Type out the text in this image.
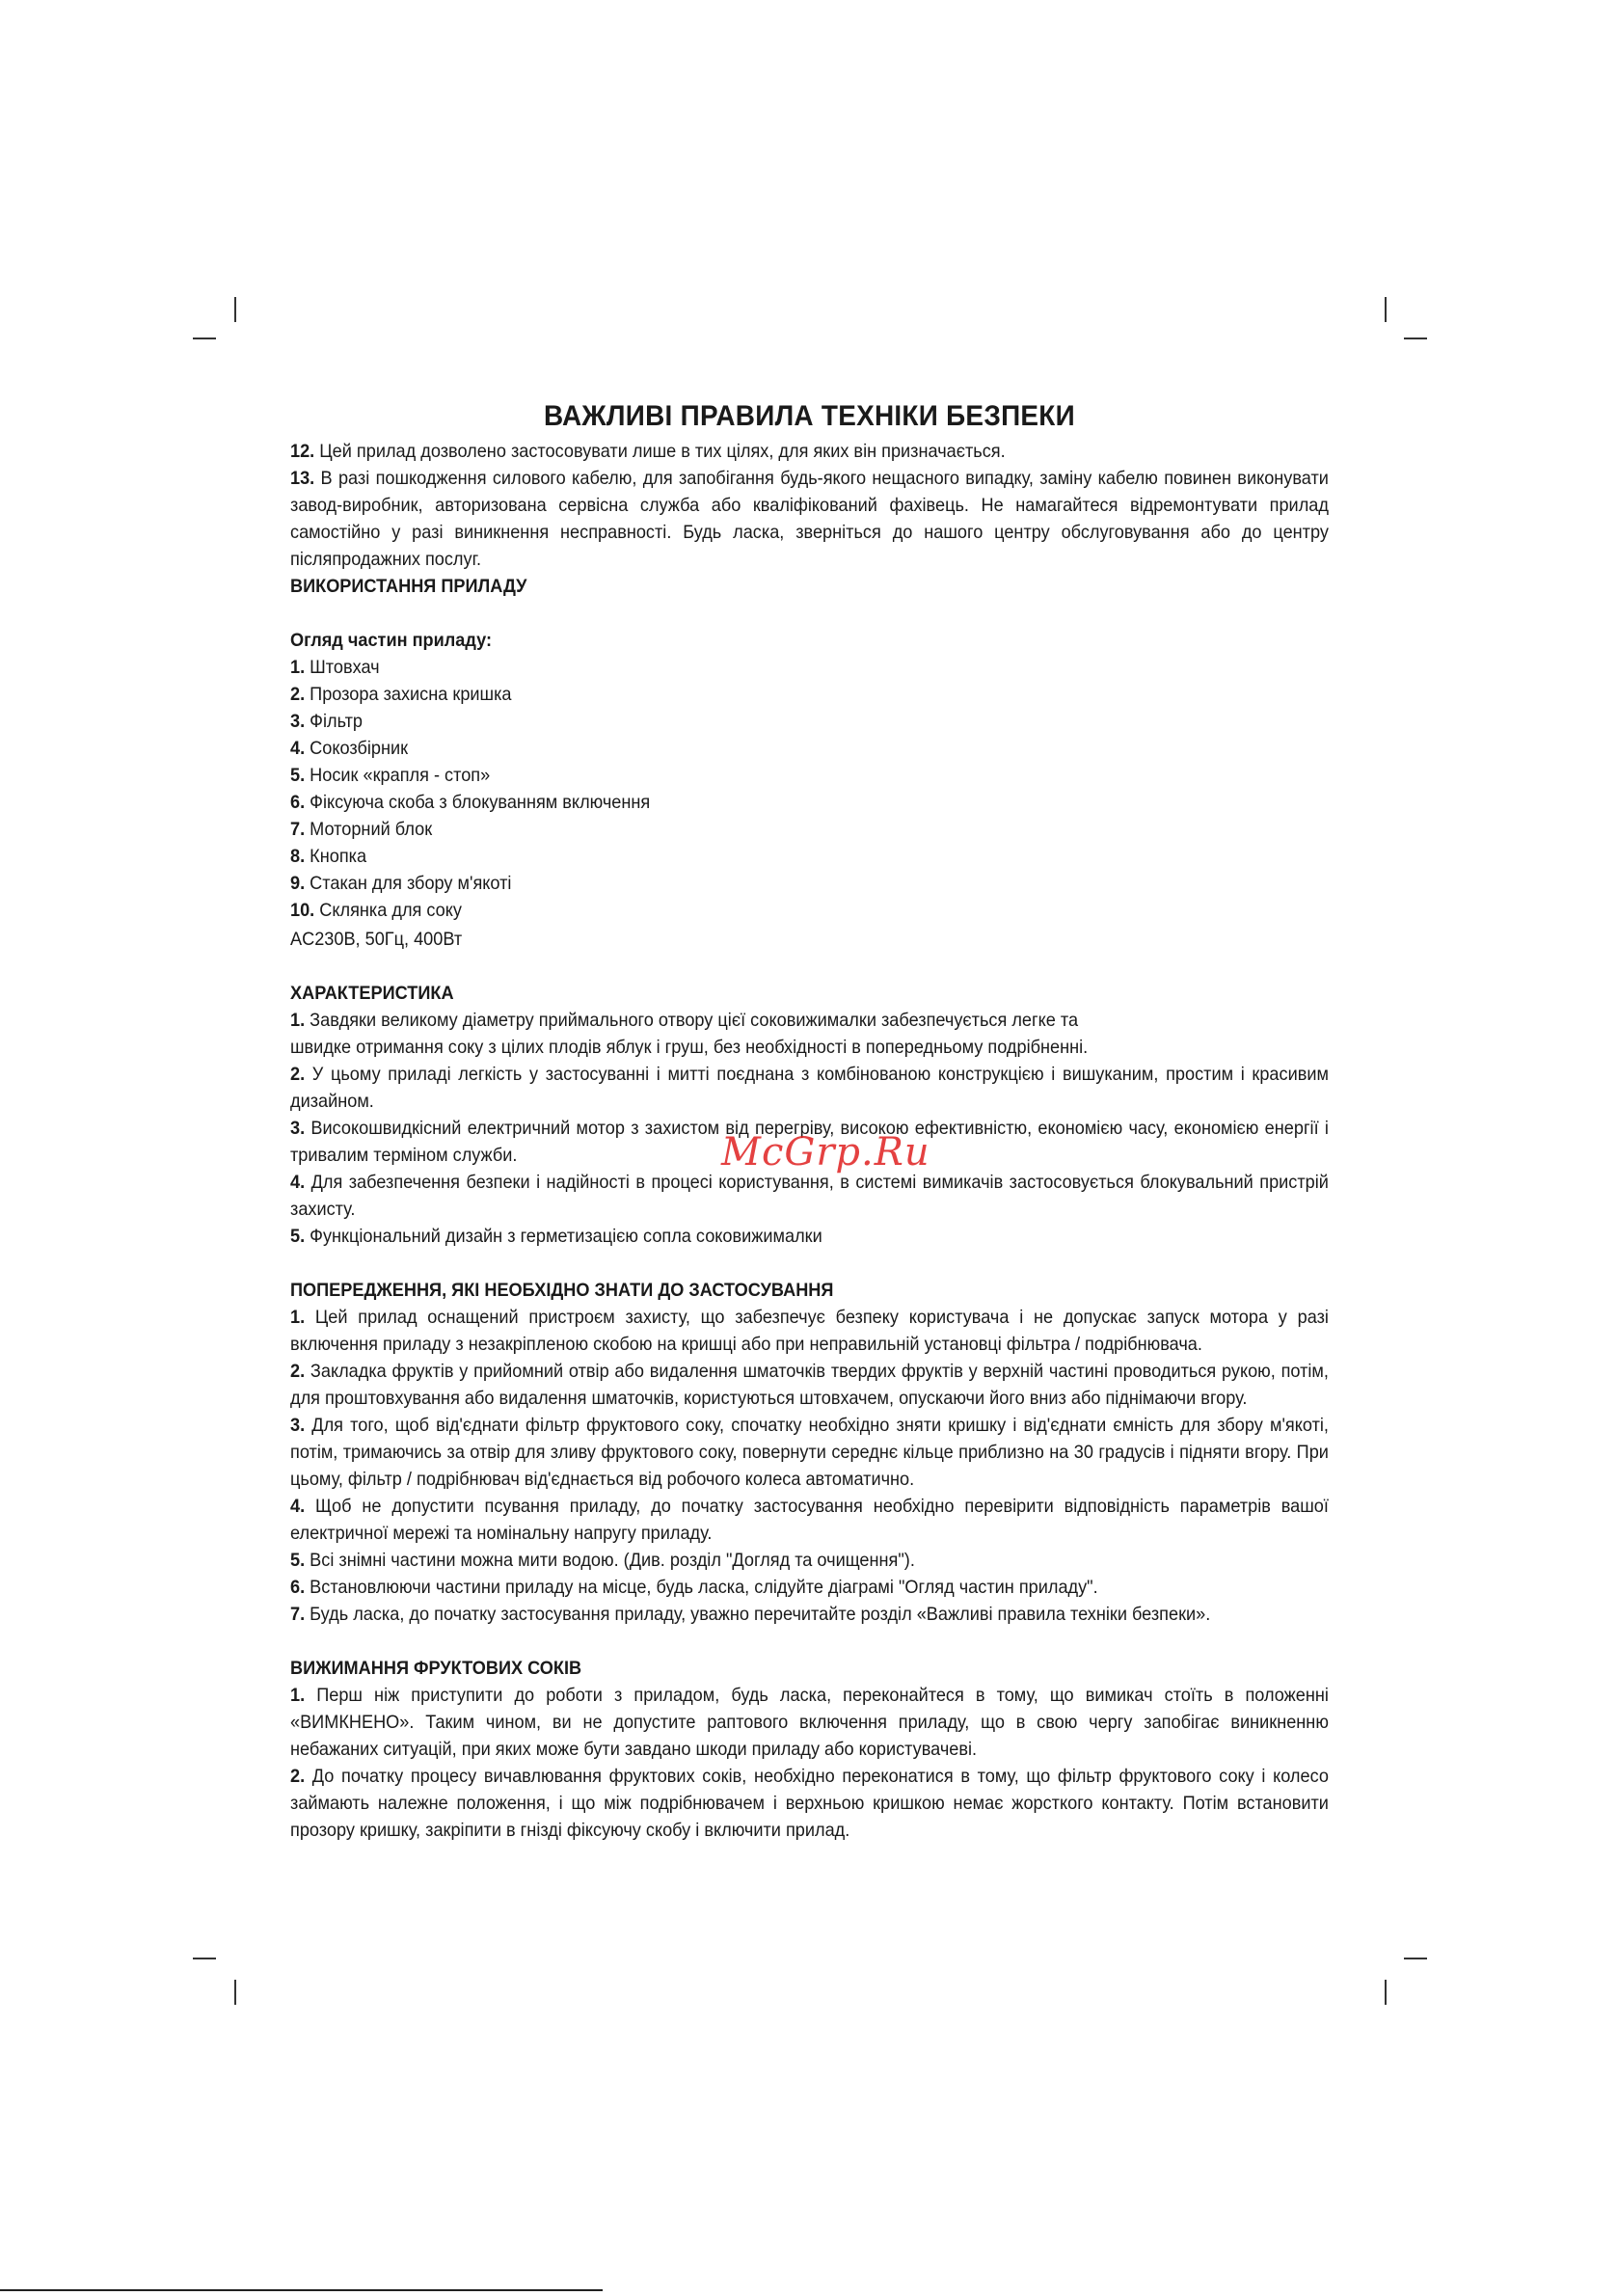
ВАЖЛИВІ ПРАВИЛА ТЕХНІКИ БЕЗПЕКИ

12. Цей прилад дозволено застосовувати лише в тих цілях, для яких він призначається.

13. В разі пошкодження силового кабелю, для запобігання будь-якого нещасного випадку, заміну кабелю повинен виконувати завод-виробник, авторизована сервісна служба або кваліфікований фахівець. Не намагайтеся відремонтувати прилад самостійно у разі виникнення несправності. Будь ласка, зверніться до нашого центру обслуговування або до центру післяпродажних послуг.

ВИКОРИСТАННЯ ПРИЛАДУ
Огляд частин приладу:

1. Штовхач

2. Прозора захисна кришка

3. Фільтр

4. Сокозбірник

5. Носик «крапля - стоп»

6. Фіксуюча скоба з блокуванням включення

7. Моторний блок

8. Кнопка

9. Стакан для збору м'якоті

10. Склянка для соку

AC230В, 50Гц, 400Вт

ХАРАКТЕРИСТИКА

1. Завдяки великому діаметру приймального отвору цієї соковижималки забезпечується легке та швидке отримання соку з цілих плодів яблук і груш, без необхідності в попередньому подрібненні.

2. У цьому приладі легкість у застосуванні і митті поєднана з комбінованою конструкцією і вишуканим, простим і красивим дизайном.

3. Високошвидкісний електричний мотор з захистом від перегріву, високою ефективністю, економією часу, економією енергії і тривалим терміном служби.

4. Для забезпечення безпеки і надійності в процесі користування, в системі вимикачів застосовується блокувальний пристрій захисту.

5. Функціональний дизайн з герметизацією сопла соковижималки

ПОПЕРЕДЖЕННЯ, ЯКІ НЕОБХІДНО ЗНАТИ ДО ЗАСТОСУВАННЯ

1. Цей прилад оснащений пристроєм захисту, що забезпечує безпеку користувача і не допускає запуск мотора у разі включення приладу з незакріпленою скобою на кришці або при неправильній установці фільтра / подрібнювача.

2. Закладка фруктів у прийомний отвір або видалення шматочків твердих фруктів у верхній частині проводиться рукою, потім, для проштовхування або видалення шматочків, користуються штовхачем, опускаючи його вниз або піднімаючи вгору.

3. Для того, щоб від'єднати фільтр фруктового соку, спочатку необхідно зняти кришку і від'єднати ємність для збору м'якоті, потім, тримаючись за отвір для зливу фруктового соку, повернути середнє кільце приблизно на 30 градусів і підняти вгору. При цьому, фільтр / подрібнювач від'єднається від робочого колеса автоматично.

4. Щоб не допустити псування приладу, до початку застосування необхідно перевірити відповідність параметрів вашої електричної мережі та номінальну напругу приладу.

5. Всі знімні частини можна мити водою. (Див. розділ "Догляд та очищення").

6. Встановлюючи частини приладу на місце, будь ласка, слідуйте діаграмі "Огляд частин приладу".

7. Будь ласка, до початку застосування приладу, уважно перечитайте розділ «Важливі правила техніки безпеки».

ВИЖИМАННЯ ФРУКТОВИХ СОКІВ

1. Перш ніж приступити до роботи з приладом, будь ласка, переконайтеся в тому, що вимикач стоїть в положенні «ВИМКНЕНО». Таким чином, ви не допустите раптового включення приладу, що в свою чергу запобігає виникненню небажаних ситуацій, при яких може бути завдано шкоди приладу або користувачеві.

2. До початку процесу вичавлювання фруктових соків, необхідно переконатися в тому, що фільтр фруктового соку і колесо займають належне положення, і що між подрібнювачем і верхньою кришкою немає жорсткого контакту. Потім встановити прозору кришку, закріпити в гнізді фіксуючу скобу і включити прилад.

McGrp.Ru
